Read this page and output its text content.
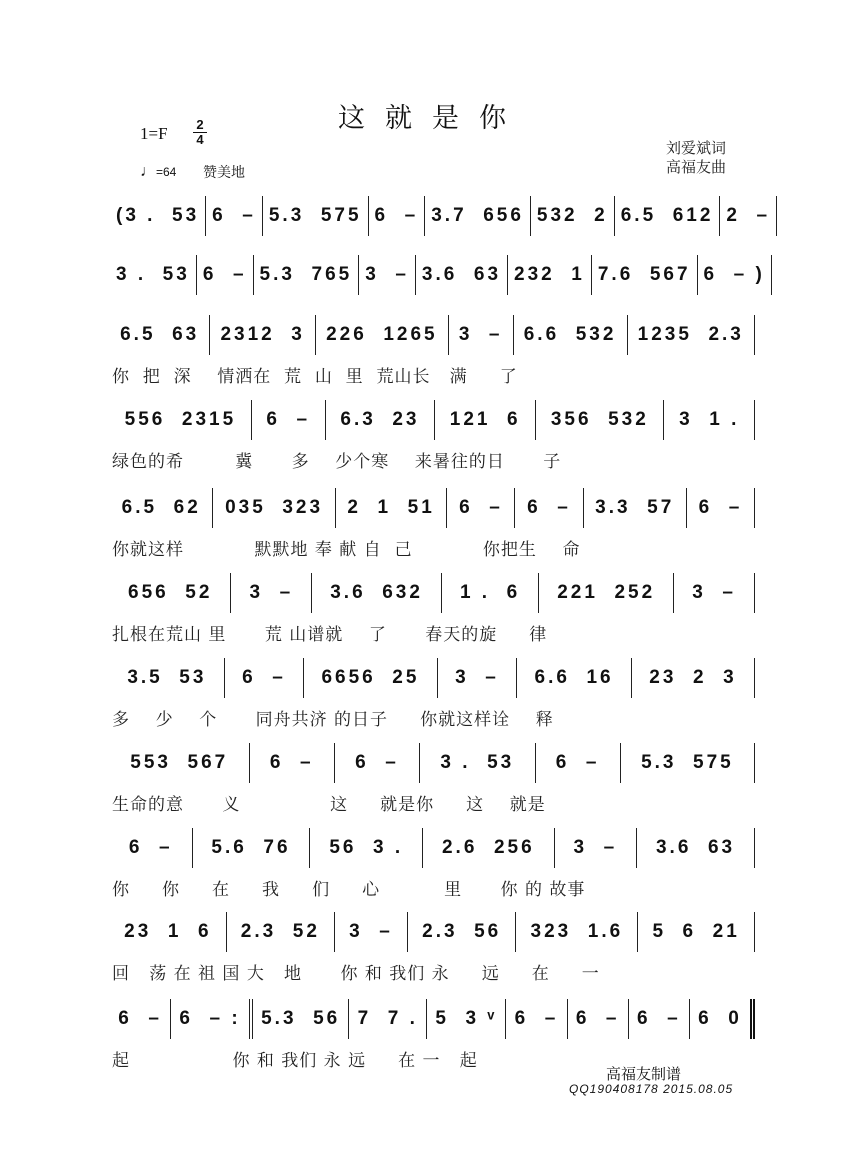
这就是你
1=F 2
4
♩=64 赞美地
刘爱斌词
高福友曲
(3 .  53 6  – 5.3  575 6  – 3.7  656 532  2 6.5  612 2  –
3 .  53 6  – 5.3  765 3  – 3.6  63 232  1 7.6  567 6  – )
6.5  63 2312  3 226  1265 3  – 6.6  532 1235  2.3
你  把  深    情洒在  荒  山  里  荒山长   满     了
556  2315 6  – 6.3  23 121  6 356  532 3  1 .
绿色的希        冀      多    少个寒    来暑往的日      子
6.5  62 035  323 2  1  51 6  – 6  – 3.3  57 6  –
你就这样           默默地 奉 献 自  己           你把生    命
656  52 3  – 3.6  632 1 .  6 221  252 3  –
扎根在荒山 里      荒 山谱就    了      春天的旋     律
3.5  53 6  – 6656  25 3  – 6.6  16 23  2  3
多    少    个      同舟共济 的日子     你就这样诠    释
553  567 6  – 6  – 3 .  53 6  – 5.3  575
生命的意      义              这     就是你     这    就是
6  – 5.6  76 56  3 . 2.6  256 3  – 3.6  63
你     你     在     我     们     心          里      你 的 故事
23  1  6 2.3  52 3  – 2.3  56 323  1.6 5  6  21
回   荡 在 祖 国 大   地      你 和 我们 永     远     在     一
6  – 6  – : 5.3  56 7  7 . 5  3 ᵛ 6  – 6  – 6  – 6  0
起                你 和 我们 永 远     在 一   起
高福友制谱
QQ190408178 2015.08.05
